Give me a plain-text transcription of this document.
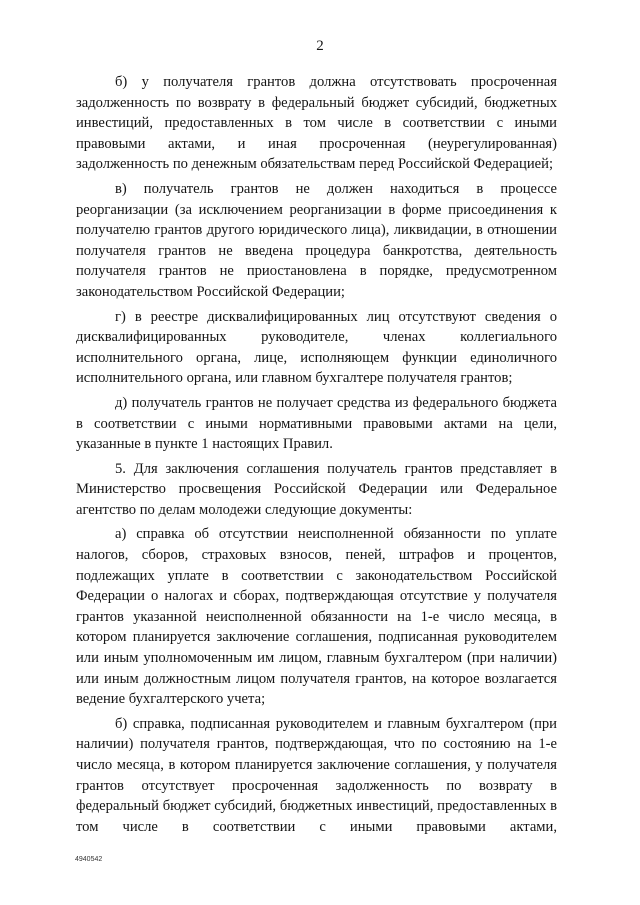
2

б) у получателя грантов должна отсутствовать просроченная задолженность по возврату в федеральный бюджет субсидий, бюджетных инвестиций, предоставленных в том числе в соответствии с иными правовыми актами, и иная просроченная (неурегулированная) задолженность по денежным обязательствам перед Российской Федерацией;

в) получатель грантов не должен находиться в процессе реорганизации (за исключением реорганизации в форме присоединения к получателю грантов другого юридического лица), ликвидации, в отношении получателя грантов не введена процедура банкротства, деятельность получателя грантов не приостановлена в порядке, предусмотренном законодательством Российской Федерации;

г) в реестре дисквалифицированных лиц отсутствуют сведения о дисквалифицированных руководителе, членах коллегиального исполнительного органа, лице, исполняющем функции единоличного исполнительного органа, или главном бухгалтере получателя грантов;

д) получатель грантов не получает средства из федерального бюджета в соответствии с иными нормативными правовыми актами на цели, указанные в пункте 1 настоящих Правил.

5. Для заключения соглашения получатель грантов представляет в Министерство просвещения Российской Федерации или Федеральное агентство по делам молодежи следующие документы:

а) справка об отсутствии неисполненной обязанности по уплате налогов, сборов, страховых взносов, пеней, штрафов и процентов, подлежащих уплате в соответствии с законодательством Российской Федерации о налогах и сборах, подтверждающая отсутствие у получателя грантов указанной неисполненной обязанности на 1-е число месяца, в котором планируется заключение соглашения, подписанная руководителем или иным уполномоченным им лицом, главным бухгалтером (при наличии) или иным должностным лицом получателя грантов, на которое возлагается ведение бухгалтерского учета;

б) справка, подписанная руководителем и главным бухгалтером (при наличии) получателя грантов, подтверждающая, что по состоянию на 1-е число месяца, в котором планируется заключение соглашения, у получателя грантов отсутствует просроченная задолженность по возврату в федеральный бюджет субсидий, бюджетных инвестиций, предоставленных в том числе в соответствии с иными правовыми актами,

4940542
